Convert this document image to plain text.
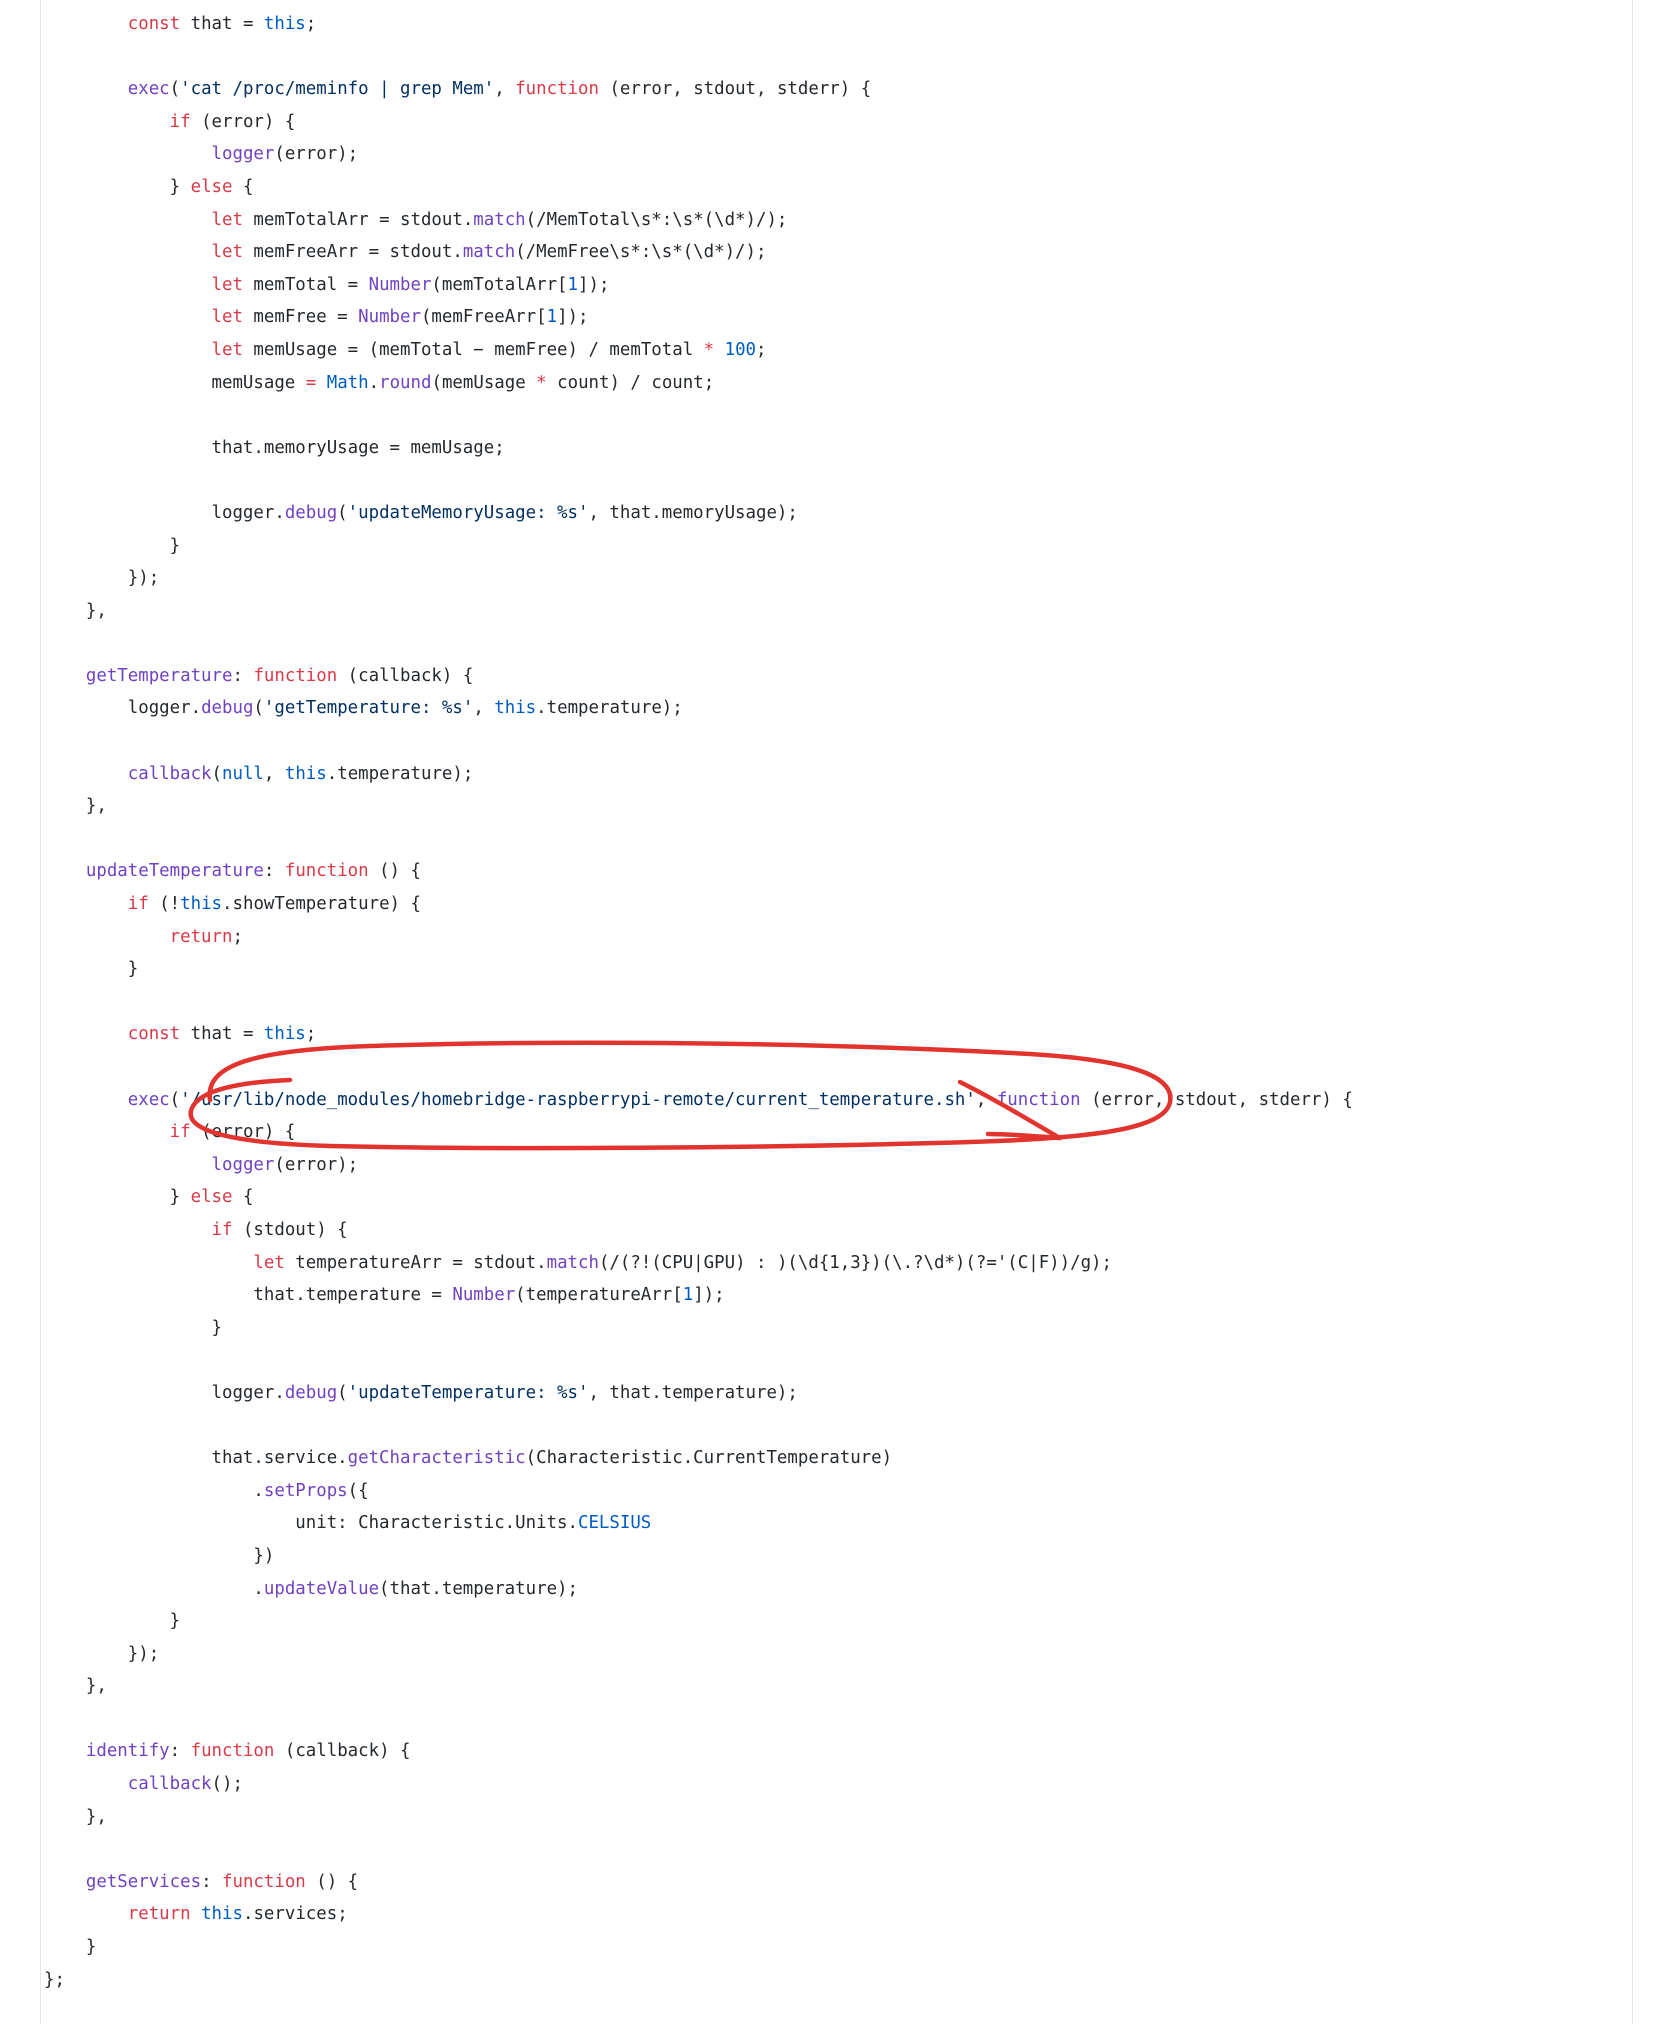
const that = this;

exec('cat /proc/meminfo | grep Mem', function (error, stdout, stderr) {
if (error) {
logger(error);
} else {
let memTotalArr = stdout.match(/MemTotal\s*:\s*(\d*)/);
let memFreeArr = stdout.match(/MemFree\s*:\s*(\d*)/);
let memTotal = Number(memTotalArr[1]);
let memFree = Number(memFreeArr[1]);
let memUsage = (memTotal − memFree) / memTotal * 100;
memUsage = Math.round(memUsage * count) / count;

that.memoryUsage = memUsage;

logger.debug('updateMemoryUsage: %s', that.memoryUsage);
}
});
},

getTemperature: function (callback) {
logger.debug('getTemperature: %s', this.temperature);

callback(null, this.temperature);
},

updateTemperature: function () {
if (!this.showTemperature) {
return;
}

const that = this;

exec('/usr/lib/node_modules/homebridge-raspberrypi-remote/current_temperature.sh', function (error, stdout, stderr) {
if (error) {
logger(error);
} else {
if (stdout) {
let temperatureArr = stdout.match(/(?!(CPU|GPU) : )(\d{1,3})(\.?\d*)(?='(C|F))/g);
that.temperature = Number(temperatureArr[1]);
}

logger.debug('updateTemperature: %s', that.temperature);

that.service.getCharacteristic(Characteristic.CurrentTemperature)
.setProps({
unit: Characteristic.Units.CELSIUS
})
.updateValue(that.temperature);
}
});
},

identify: function (callback) {
callback();
},

getServices: function () {
return this.services;
}
};
